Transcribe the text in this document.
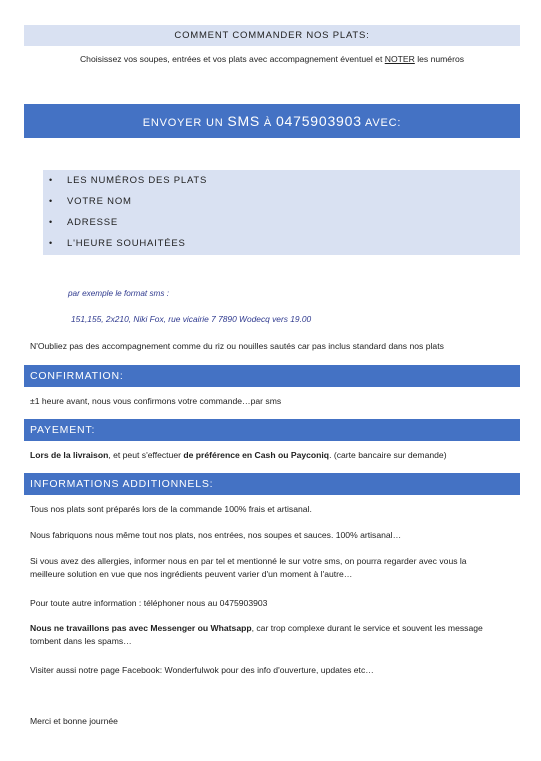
COMMENT COMMANDER NOS PLATS:
Choisissez vos soupes, entrées et vos plats avec accompagnement éventuel et NOTER les numéros
ENVOYER UN SMS À 0475903903 AVEC:
• LES NUMÉROS DES PLATS
• VOTRE NOM
• ADRESSE
• L'HEURE SOUHAITÉES
par exemple le format sms :
151,155, 2x210, Niki Fox, rue vicairie 7 7890 Wodecq vers 19.00
N'Oubliez pas des accompagnement comme du riz ou nouilles sautés car pas inclus standard dans nos plats
CONFIRMATION:
±1 heure avant, nous vous confirmons votre commande…par sms
PAYEMENT:
Lors de la livraison, et peut s'effectuer de préférence en Cash ou Payconiq. (carte bancaire sur demande)
INFORMATIONS ADDITIONNELS:
Tous nos plats sont préparés lors de la commande 100% frais et artisanal.
Nous fabriquons nous même tout nos plats, nos entrées, nos soupes et sauces. 100% artisanal…
Si vous avez des allergies, informer nous en par tel et mentionné le sur votre sms, on pourra regarder avec vous la meilleure solution en vue que nos ingrédients peuvent varier d'un moment à l'autre…
Pour toute autre information : téléphoner nous au 0475903903
Nous ne travaillons pas avec Messenger ou Whatsapp, car trop complexe durant le service et souvent les message tombent dans les spams…
Visiter aussi notre page Facebook: Wonderfulwok pour des info d'ouverture, updates etc…
Merci et bonne journée
